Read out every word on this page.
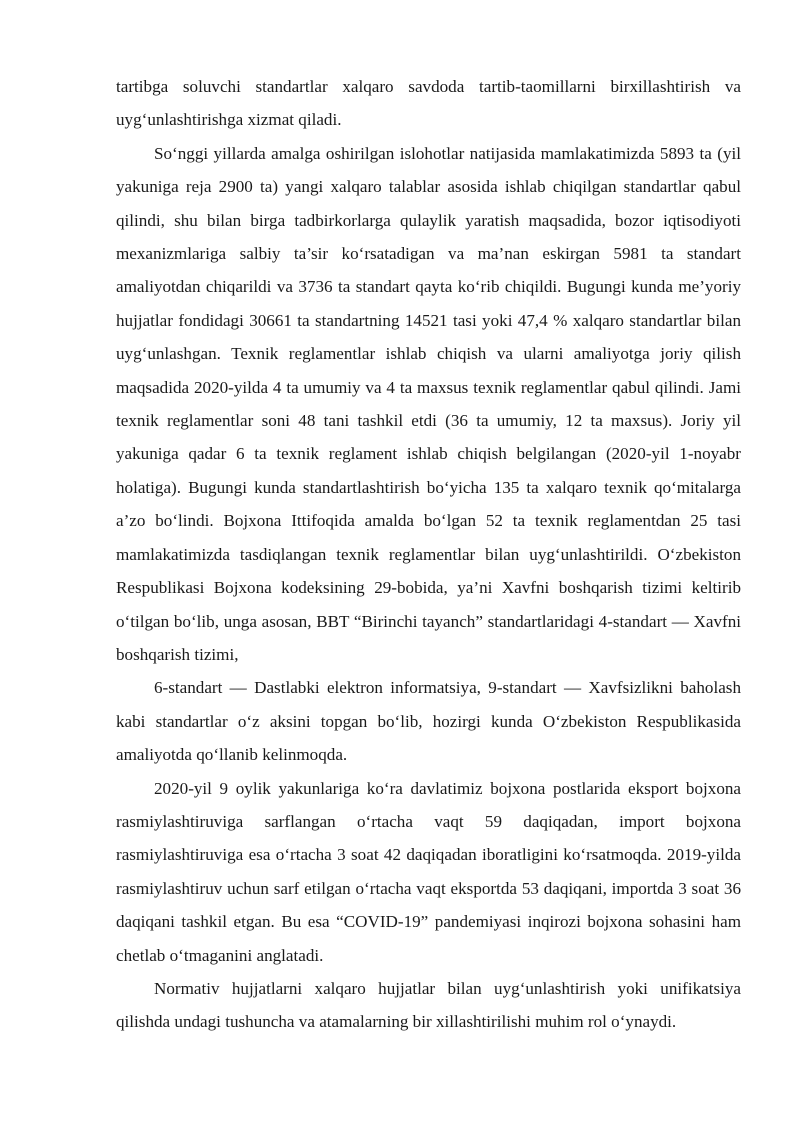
tartibga soluvchi standartlar xalqaro savdoda tartib-taomillarni birxillashtirish va uyg‘unlashtirishga xizmat qiladi.

So‘nggi yillarda amalga oshirilgan islohotlar natijasida mamlakatimizda 5893 ta (yil yakuniga reja 2900 ta) yangi xalqaro talablar asosida ishlab chiqilgan standartlar qabul qilindi, shu bilan birga tadbirkorlarga qulaylik yaratish maqsadida, bozor iqtisodiyoti mexanizmlariga salbiy ta’sir ko‘rsatadigan va ma’nan eskirgan 5981 ta standart amaliyotdan chiqarildi va 3736 ta standart qayta ko‘rib chiqildi. Bugungi kunda me’yoriy hujjatlar fondidagi 30661 ta standartning 14521 tasi yoki 47,4 % xalqaro standartlar bilan uyg‘unlashgan. Texnik reglamentlar ishlab chiqish va ularni amaliyotga joriy qilish maqsadida 2020-yilda 4 ta umumiy va 4 ta maxsus texnik reglamentlar qabul qilindi. Jami texnik reglamentlar soni 48 tani tashkil etdi (36 ta umumiy, 12 ta maxsus). Joriy yil yakuniga qadar 6 ta texnik reglament ishlab chiqish belgilangan (2020-yil 1-noyabr holatiga). Bugungi kunda standartlashtirish bo‘yicha 135 ta xalqaro texnik qo‘mitalarga a’zo bo‘lindi. Bojxona Ittifoqida amalda bo‘lgan 52 ta texnik reglamentdan 25 tasi mamlakatimizda tasdiqlangan texnik reglamentlar bilan uyg‘unlashtirildi. O‘zbekiston Respublikasi Bojxona kodeksining 29-bobida, ya’ni Xavfni boshqarish tizimi keltirib o‘tilgan bo‘lib, unga asosan, BBT “Birinchi tayanch” standartlaridagi 4-standart — Xavfni boshqarish tizimi,

6-standart — Dastlabki elektron informatsiya, 9-standart — Xavfsizlikni baholash kabi standartlar o‘z aksini topgan bo‘lib, hozirgi kunda O‘zbekiston Respublikasida amaliyotda qo‘llanib kelinmoqda.

2020-yil 9 oylik yakunlariga ko‘ra davlatimiz bojxona postlarida eksport bojxona rasmiylashtiruviga sarflangan o‘rtacha vaqt 59 daqiqadan, import bojxona rasmiylashtiruviga esa o‘rtacha 3 soat 42 daqiqadan iboratligini ko‘rsatmoqda. 2019-yilda rasmiylashtiruv uchun sarf etilgan o‘rtacha vaqt eksportda 53 daqiqani, importda 3 soat 36 daqiqani tashkil etgan. Bu esa “COVID-19” pandemiyasi inqirozi bojxona sohasini ham chetlab o‘tmaganini anglatadi.

Normativ hujjatlarni xalqaro hujjatlar bilan uyg‘unlashtirish yoki unifikatsiya qilishda undagi tushuncha va atamalarning bir xillashtirilishi muhim rol o‘ynaydi.
